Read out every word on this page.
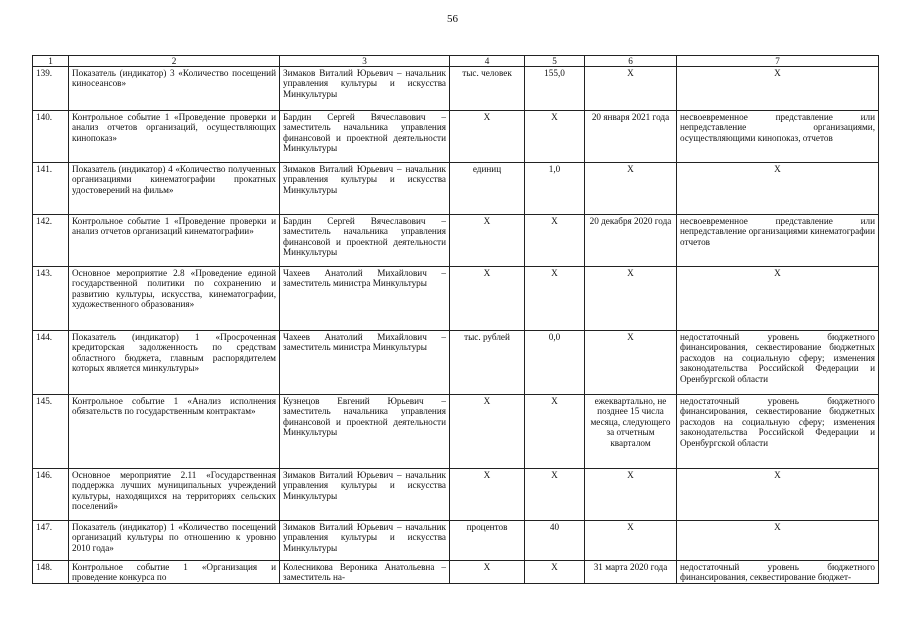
56
1	2	3	4	5	6	7
139.	Показатель (индикатор) 3 «Количество посещений киносеансов»	Зимаков Виталий Юрьевич – начальник управления культуры и искусства Минкультуры	тыс. человек	155,0	X	X
140.	Контрольное событие 1 «Проведение проверки и анализ отчетов организаций, осуществляющих кинопоказ»	Бардин Сергей Вячеславович – заместитель начальника управления финансовой и проектной деятельности Минкультуры	X	X	20 января 2021 года	несвоевременное представление или непредставление организациями, осуществляющими кинопоказ, отчетов
141.	Показатель (индикатор) 4 «Количество полученных организациями кинематографии прокатных удостоверений на фильм»	Зимаков Виталий Юрьевич – начальник управления культуры и искусства Минкультуры	единиц	1,0	X	X
142.	Контрольное событие 1 «Проведение проверки и анализ отчетов организаций кинематографии»	Бардин Сергей Вячеславович – заместитель начальника управления финансовой и проектной деятельности Минкультуры	X	X	20 декабря 2020 года	несвоевременное представление или непредставление организациями кинематографии отчетов
143.	Основное мероприятие 2.8 «Проведение единой государственной политики по сохранению и развитию культуры, искусства, кинематографии, художественного образования»	Чахеев Анатолий Михайлович – заместитель министра Минкультуры	X	X	X	X
144.	Показатель (индикатор) 1 «Просроченная кредиторская задолженность по средствам областного бюджета, главным распорядителем которых является минкультуры»	Чахеев Анатолий Михайлович – заместитель министра Минкультуры	тыс. рублей	0,0	X	недостаточный уровень бюджетного финансирования, секвестирование бюджетных расходов на социальную сферу; изменения законодательства Российской Федерации и Оренбургской области
145.	Контрольное событие 1 «Анализ исполнения обязательств по государственным контрактам»	Кузнецов Евгений Юрьевич – заместитель начальника управления финансовой и проектной деятельности Минкультуры	X	X	ежеквартально, не позднее 15 числа месяца, следующего за отчетным кварталом	недостаточный уровень бюджетного финансирования, секвестирование бюджетных расходов на социальную сферу; изменения законодательства Российской Федерации и Оренбургской области
146.	Основное мероприятие 2.11 «Государственная поддержка лучших муниципальных учреждений культуры, находящихся на территориях сельских поселений»	Зимаков Виталий Юрьевич – начальник управления культуры и искусства Минкультуры	X	X	X	X
147.	Показатель (индикатор) 1 «Количество посещений организаций культуры по отношению к уровню 2010 года»	Зимаков Виталий Юрьевич – начальник управления культуры и искусства Минкультуры	процентов	40	X	X
148.	Контрольное событие 1 «Организация и проведение конкурса по	Колесникова Вероника Анатольевна – заместитель на-	X	X	31 марта 2020 года	недостаточный уровень бюджетного финансирования, секвестирование бюджет-
